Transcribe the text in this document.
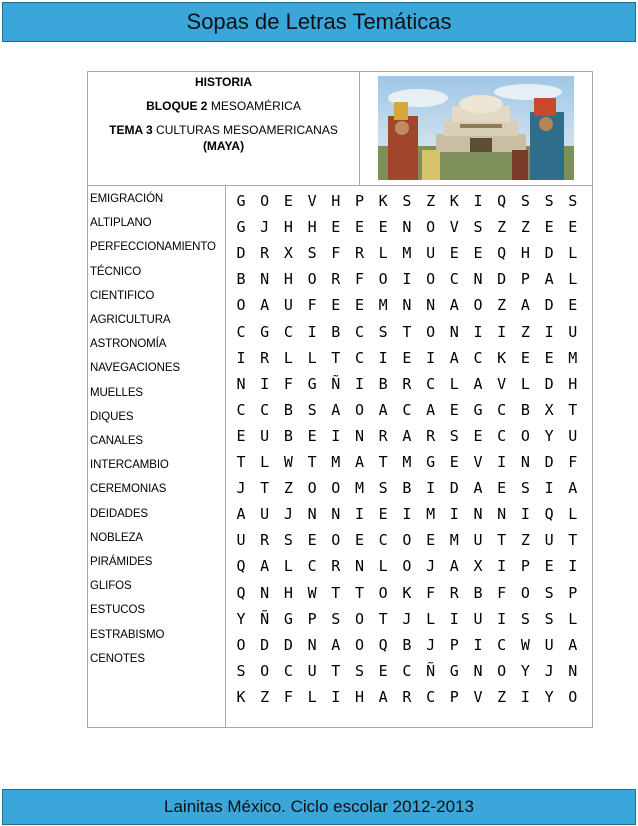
Sopas de Letras Temáticas
HISTORIA
BLOQUE 2 MESOAMÉRICA
TEMA 3 CULTURAS MESOAMERICANAS
(MAYA)
EMIGRACIÓN
ALTIPLANO
PERFECCIONAMIENTO
TÉCNICO
CIENTIFICO
AGRICULTURA
ASTRONOMÍA
NAVEGACIONES
MUELLES
DIQUES
CANALES
INTERCAMBIO
CEREMONIAS
DEIDADES
NOBLEZA
PIRÁMIDES
GLIFOS
ESTUCOS
ESTRABISMO
CENOTES
G O E V H P K S Z K I Q S S S
G J H H E E E N O V S Z Z E E
D R X S F R L M U E E Q H D L
B N H O R F O I O C N D P A L
O A U F E E M N N A O Z A D E
C G C I B C S T O N I I Z I U
I R L L T C I E I A C K E E M
N I F G Ñ I B R C L A V L D H
C C B S A O A C A E G C B X T
E U B E I N R A R S E C O Y U
T L W T M A T M G E V I N D F
J T Z O O M S B I D A E S I A
A U J N N I E I M I N N I Q L
U R S E O E C O E M U T Z U T
Q A L C R N L O J A X I P E I
Q N H W T T O K F R B F O S P
Y Ñ G P S O T J L I U I S S L
O D D N A O Q B J P I C W U A
S O C U T S E C Ñ G N O Y J N
K Z F L I H A R C P V Z I Y O
Lainitas México. Ciclo escolar 2012-2013
